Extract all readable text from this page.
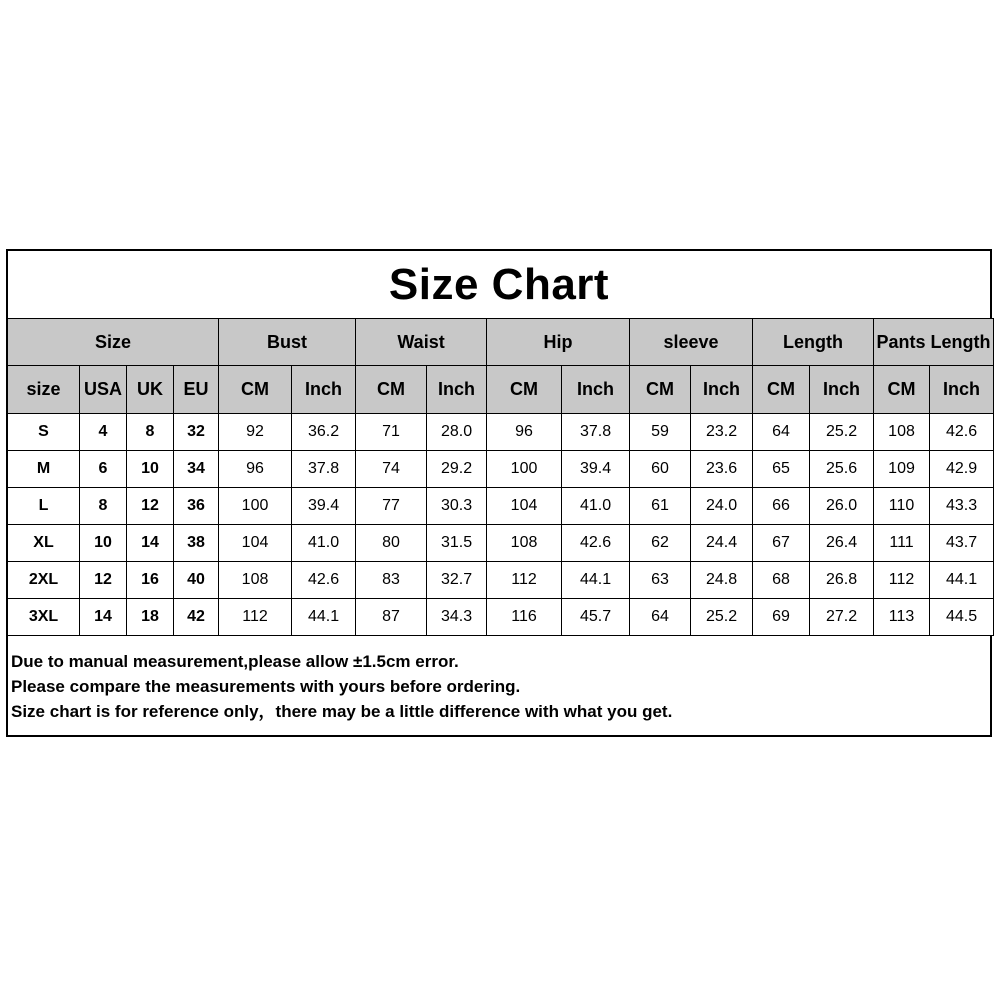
Size Chart
Size				Bust		Waist		Hip		sleeve		Length		Pants Length	
size	USA	UK	EU	CM	Inch	CM	Inch	CM	Inch	CM	Inch	CM	Inch	CM	Inch
S	4	8	32	92	36.2	71	28.0	96	37.8	59	23.2	64	25.2	108	42.6
M	6	10	34	96	37.8	74	29.2	100	39.4	60	23.6	65	25.6	109	42.9
L	8	12	36	100	39.4	77	30.3	104	41.0	61	24.0	66	26.0	110	43.3
XL	10	14	38	104	41.0	80	31.5	108	42.6	62	24.4	67	26.4	111	43.7
2XL	12	16	40	108	42.6	83	32.7	112	44.1	63	24.8	68	26.8	112	44.1
3XL	14	18	42	112	44.1	87	34.3	116	45.7	64	25.2	69	27.2	113	44.5
Due to manual measurement,please allow ±1.5cm error.
Please compare the measurements with yours before ordering.
Size chart is for reference only，there may be a little difference with what you get.
